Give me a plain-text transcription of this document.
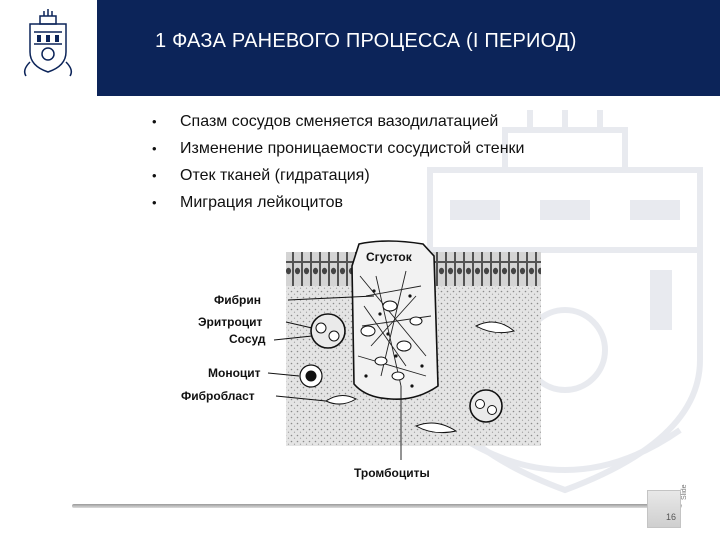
1 ФАЗА РАНЕВОГО ПРОЦЕССА (I ПЕРИОД)
•	Спазм сосудов сменяется вазодилатацией
•	Изменение проницаемости сосудистой стенки
•	Отек тканей (гидратация)
•	Миграция лейкоцитов
Сгусток
Фибрин
Эритроцит
Сосуд
Моноцит
Фибробласт
Тромбоциты
16
Slide
